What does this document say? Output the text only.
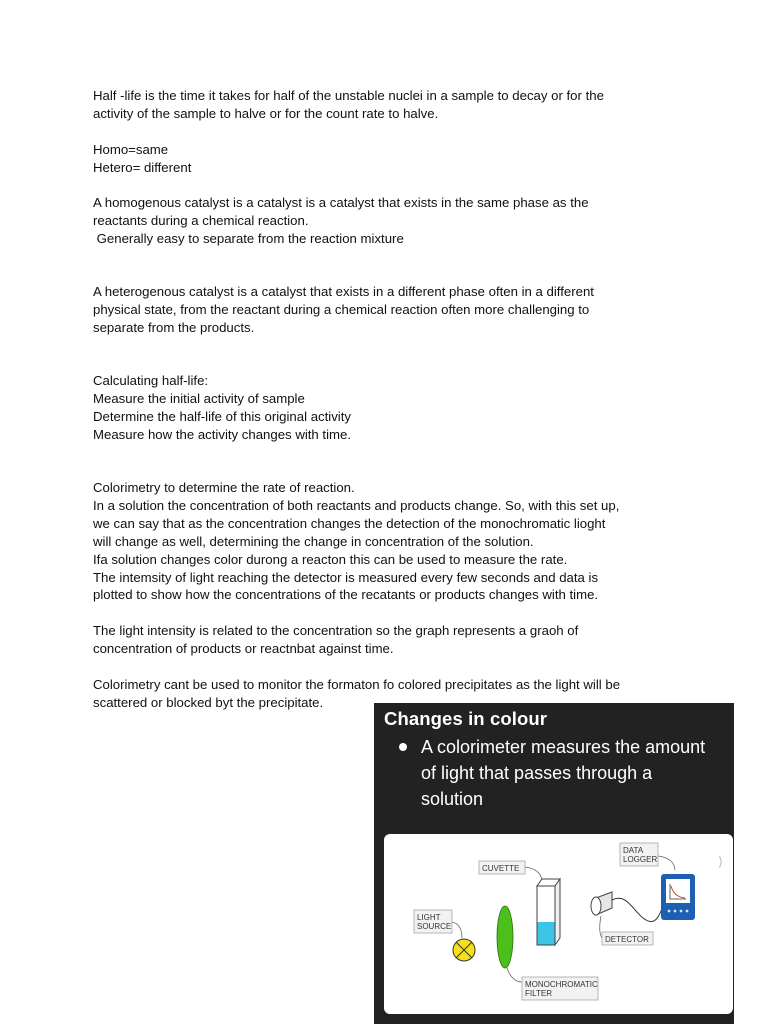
Half -life is the time it takes for half of the unstable nuclei in a sample to decay or for the
activity of the sample to halve or for the count rate to halve.
Homo=same
Hetero= different
A homogenous catalyst is a catalyst is a catalyst that exists in the same phase as the
reactants during a chemical reaction.
Generally easy to separate from the reaction mixture
A heterogenous catalyst is a catalyst that exists in a different phase often in a different
physical state, from the reactant during a chemical reaction often more challenging to
separate from the products.
Calculating half-life:
Measure the initial activity of sample
Determine the half-life of this original activity
Measure how the activity changes with time.
Colorimetry to determine the rate of reaction.
In a solution the concentration of both reactants and products change. So, with this set up,
we can say that as the concentration changes the detection of the monochromatic lioght
will change as well, determining the change in concentration of the solution.
Ifa solution changes color durong a reacton this can be used to measure the rate.
The intemsity of light reaching the detector is measured every few seconds and data is
plotted to show how the concentrations of the recatants or products changes with time.
The light intensity is related to the concentration so the graph represents a graoh of
concentration of products or reactnbat against time.
Colorimetry cant be used to monitor the formaton fo colored precipitates as the light will be
scattered or blocked byt the precipitate.
Changes in colour
A colorimeter measures the amount
of light that passes through a
solution
LIGHT
SOURCE
MONOCHROMATIC
FILTER
CUVETTE
DETECTOR
DATA
LOGGER	⟩
